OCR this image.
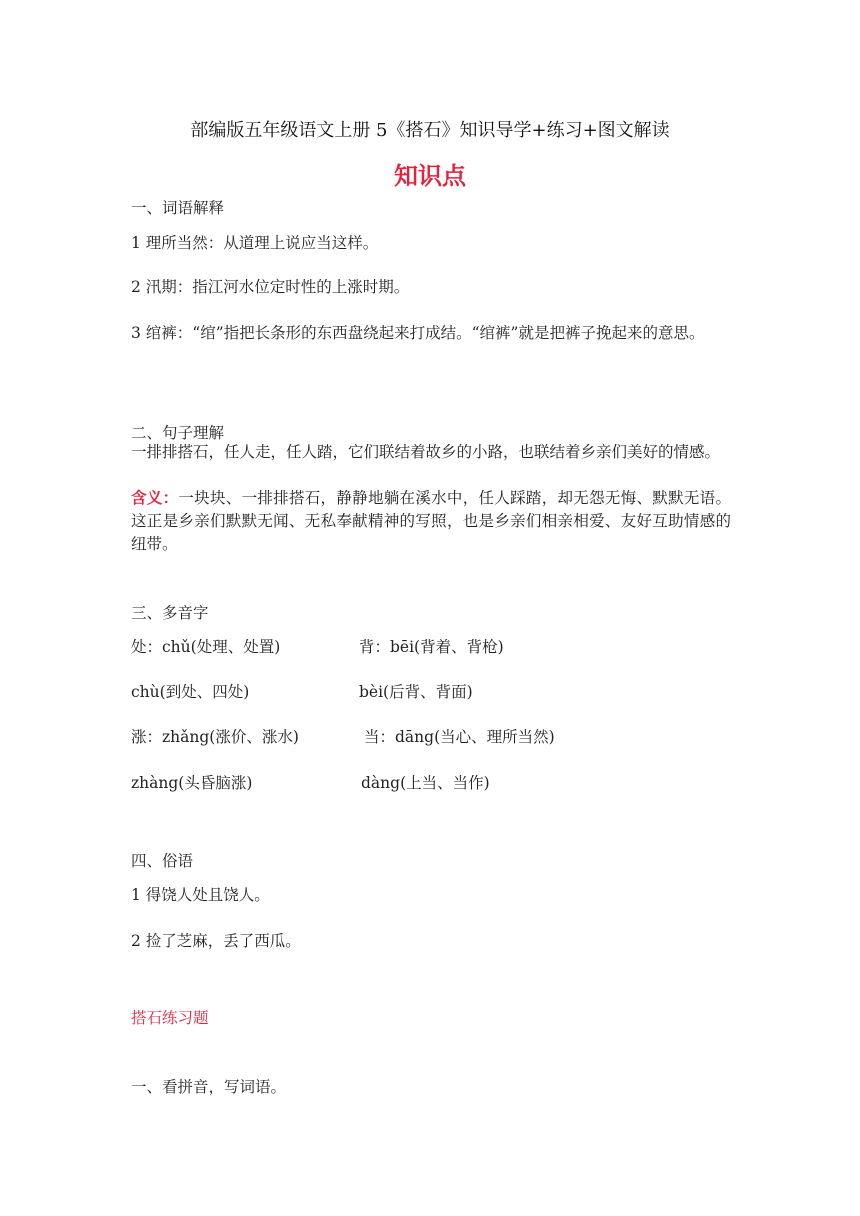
部编版五年级语文上册 5《搭石》知识导学+练习+图文解读
知识点
一、词语解释
1 理所当然：从道理上说应当这样。
2 汛期：指江河水位定时性的上涨时期。
3 绾裤：“绾”指把长条形的东西盘绕起来打成结。“绾裤”就是把裤子挽起来的意思。
二、句子理解
一排排搭石，任人走，任人踏，它们联结着故乡的小路，也联结着乡亲们美好的情感。
含义：一块块、一排排搭石，静静地躺在溪水中，任人踩踏，却无怨无悔、默默无语。这正是乡亲们默默无闻、无私奉献精神的写照，也是乡亲们相亲相爱、友好互助情感的纽带。
三、多音字
处：chǔ(处理、处置)	背：bēi(背着、背枪)
chù(到处、四处)	bèi(后背、背面)
涨：zhǎng(涨价、涨水)	当：dāng(当心、理所当然)
zhàng(头昏脑涨)	dàng(上当、当作)
四、俗语
1 得饶人处且饶人。
2 捡了芝麻，丢了西瓜。
搭石练习题
一、看拼音，写词语。
